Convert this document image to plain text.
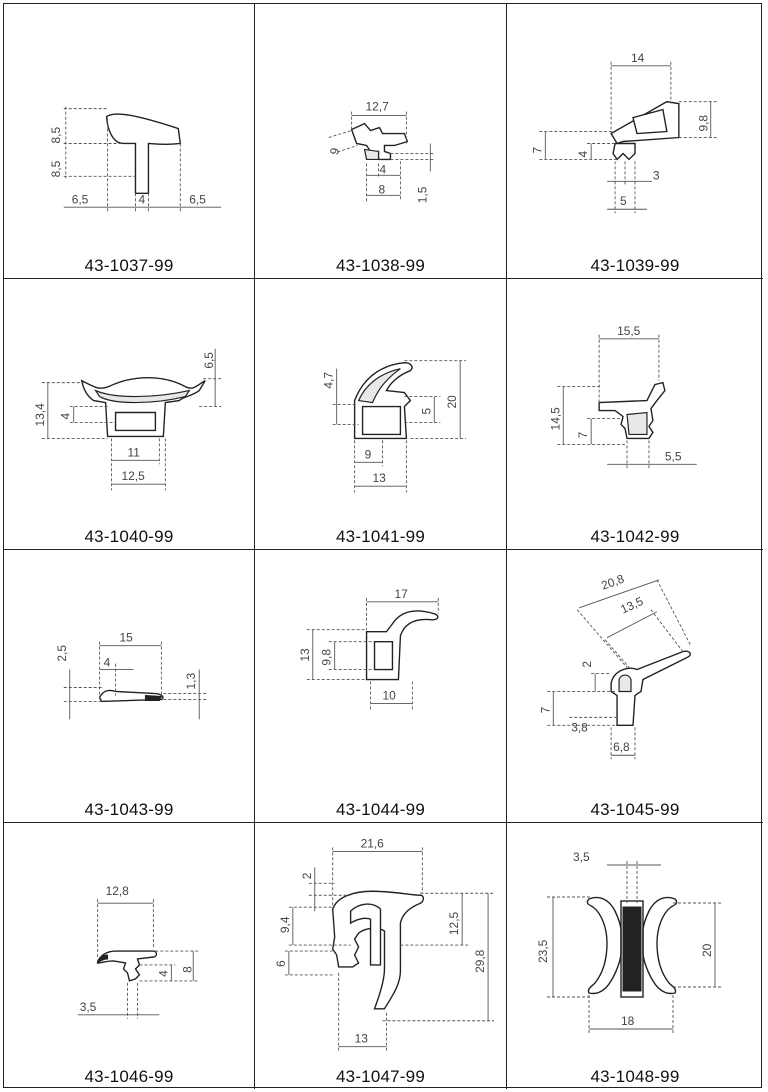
8,5
8,5
6,5	4	6,5
43-1037-99
12,7
9
4
8	1,5
43-1038-99
14
9,8
7
4
3
5
43-1039-99
6,5
13,4 4
11
12,5
43-1040-99
4,7
20
5
9
13
43-1041-99
15,5
14,5
7
5,5
43-1042-99
15
2,5
4
1,3
43-1043-99
17
13 9,8
10
43-1044-99
20,8
13,5
2
7
3,8
6,8
43-1045-99
12,8
8
4
3,5
43-1046-99
21,6
2
12,5
9,4
6	29,8
13
43-1047-99
3,5
23,5	20
18
43-1048-99
